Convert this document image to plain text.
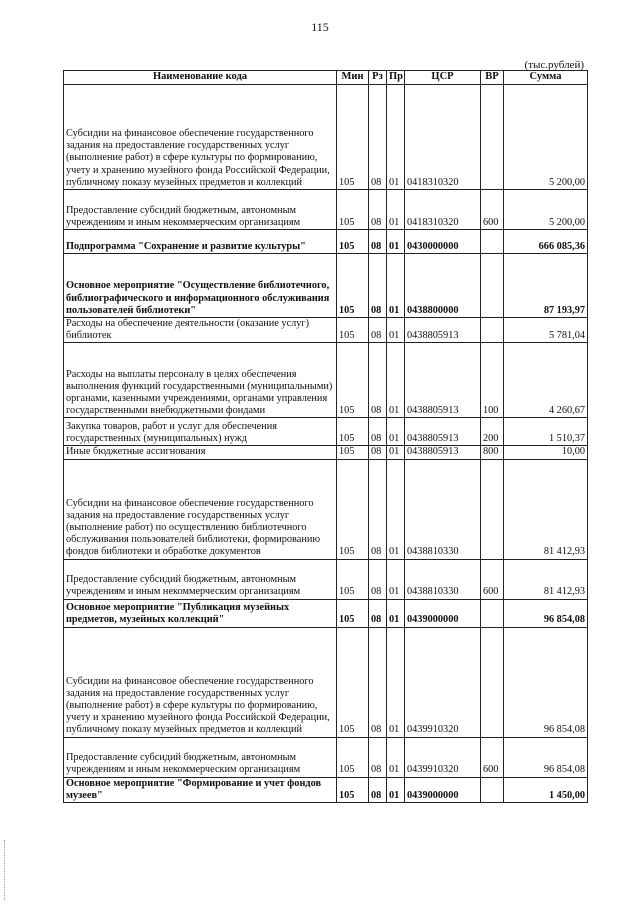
115
(тыс.рублей)
Наименование кода	Мин	Рз	Пр	ЦСР	ВР	Сумма
Субсидии на финансовое обеспечение государственного задания на предоставление государственных услуг (выполнение работ) в сфере культуры по формированию, учету и хранению музейного фонда Российской Федерации, публичному показу музейных предметов и коллекций	105	08	01	0418310320		5 200,00
Предоставление субсидий бюджетным, автономным учреждениям и иным некоммерческим организациям	105	08	01	0418310320	600	5 200,00
Подпрограмма "Сохранение и развитие культуры"	105	08	01	0430000000		666 085,36
Основное мероприятие "Осуществление библиотечного, библиографического и информационного обслуживания пользователей библиотеки"	105	08	01	0438800000		87 193,97
Расходы на обеспечение деятельности (оказание услуг) библиотек	105	08	01	0438805913		5 781,04
Расходы на выплаты персоналу в целях обеспечения выполнения функций государственными (муниципальными) органами, казенными учреждениями, органами управления государственными внебюджетными фондами	105	08	01	0438805913	100	4 260,67
Закупка товаров, работ и услуг для обеспечения государственных (муниципальных) нужд	105	08	01	0438805913	200	1 510,37
Иные бюджетные ассигнования	105	08	01	0438805913	800	10,00
Субсидии на финансовое обеспечение государственного задания на предоставление государственных услуг (выполнение работ) по осуществлению библиотечного обслуживания пользователей библиотеки, формированию фондов библиотеки и обработке документов	105	08	01	0438810330		81 412,93
Предоставление субсидий бюджетным, автономным учреждениям и иным некоммерческим организациям	105	08	01	0438810330	600	81 412,93
Основное мероприятие "Публикация музейных предметов, музейных коллекций"	105	08	01	0439000000		96 854,08
Субсидии на финансовое обеспечение государственного задания на предоставление государственных услуг (выполнение работ) в сфере культуры по формированию, учету и хранению музейного фонда Российской Федерации, публичному показу музейных предметов и коллекций	105	08	01	0439910320		96 854,08
Предоставление субсидий бюджетным, автономным учреждениям и иным некоммерческим организациям	105	08	01	0439910320	600	96 854,08
Основное мероприятие "Формирование и учет фондов музеев"	105	08	01	0439000000		1 450,00
